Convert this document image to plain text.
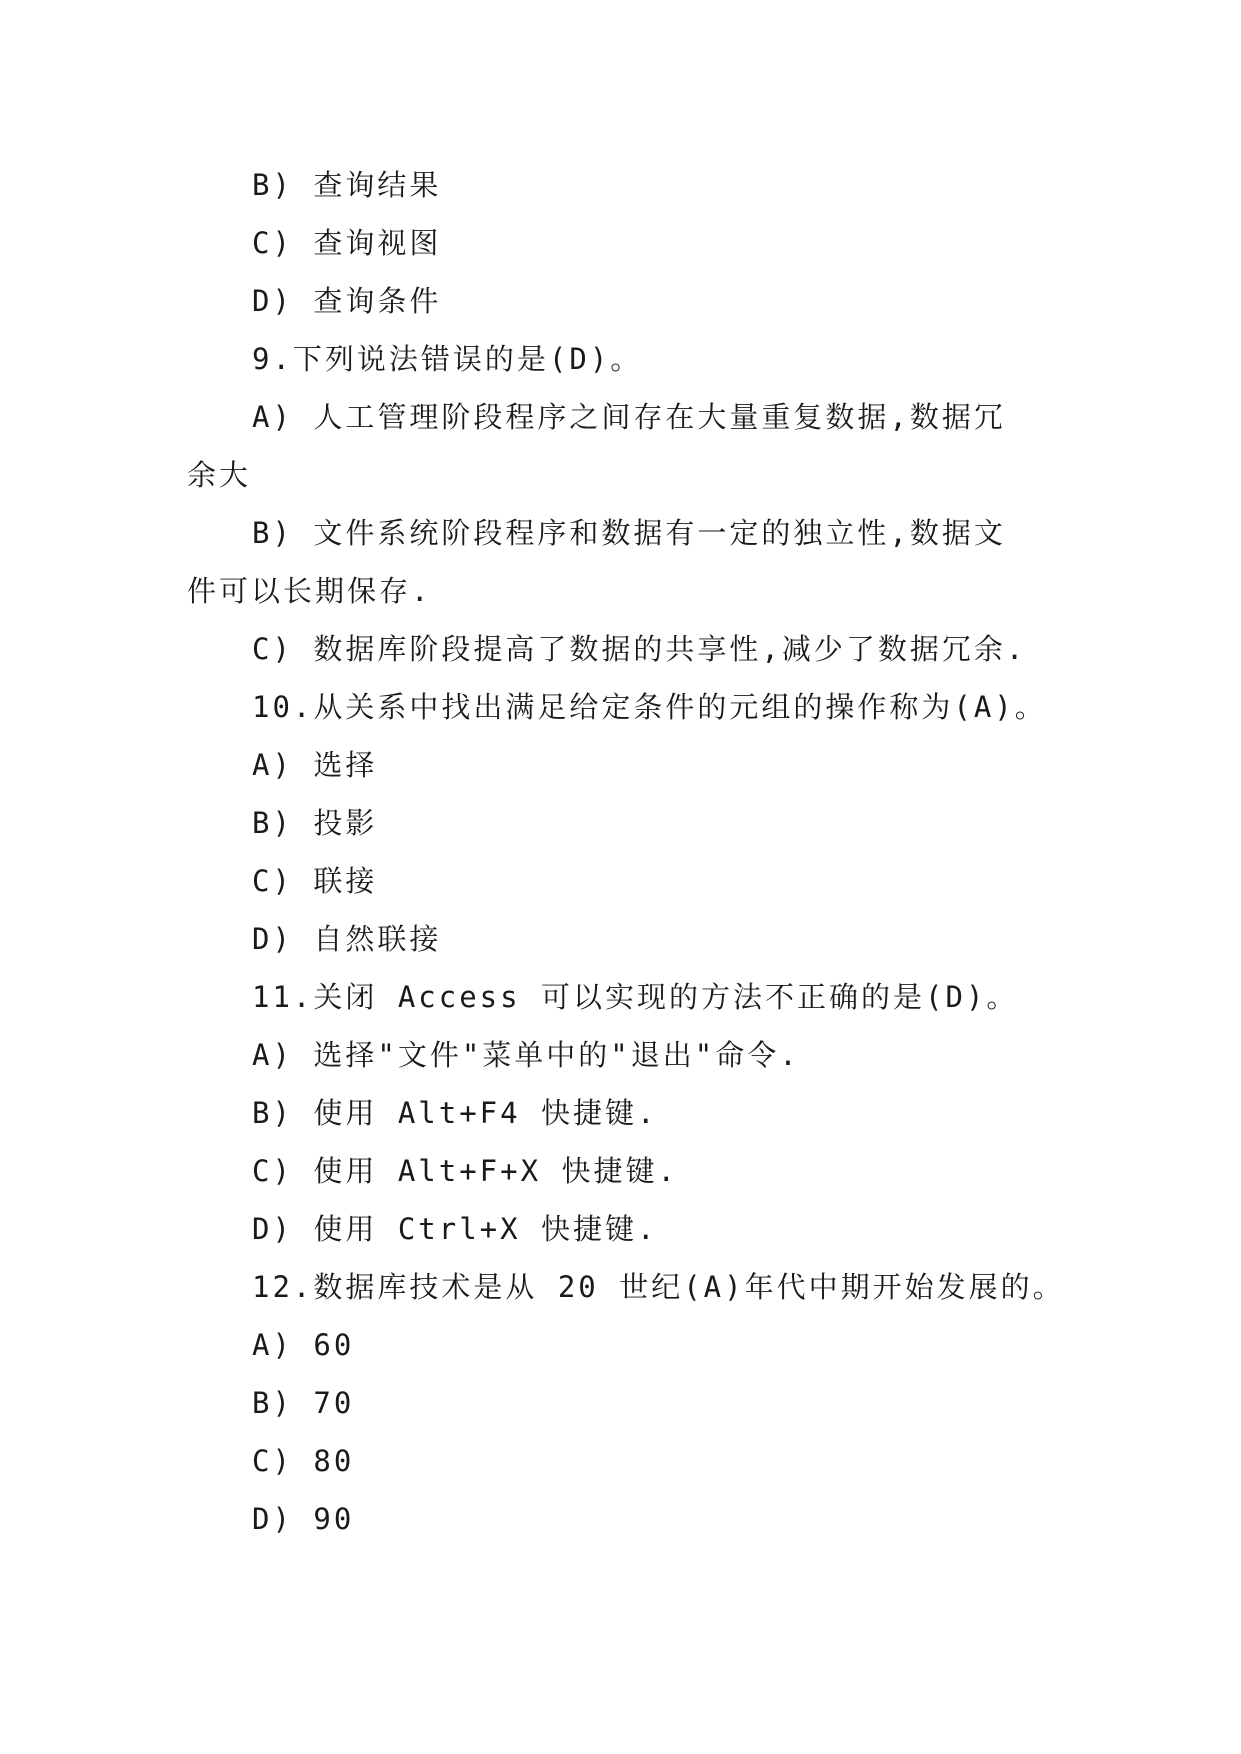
B) 查询结果
C) 查询视图
D) 查询条件
9.下列说法错误的是(D)。
A) 人工管理阶段程序之间存在大量重复数据,数据冗
余大
B) 文件系统阶段程序和数据有一定的独立性,数据文
件可以长期保存.
C) 数据库阶段提高了数据的共享性,减少了数据冗余.
10.从关系中找出满足给定条件的元组的操作称为(A)。
A) 选择
B) 投影
C) 联接
D) 自然联接
11.关闭 Access 可以实现的方法不正确的是(D)。
A) 选择"文件"菜单中的"退出"命令.
B) 使用 Alt+F4 快捷键.
C) 使用 Alt+F+X 快捷键.
D) 使用 Ctrl+X 快捷键.
12.数据库技术是从 20 世纪(A)年代中期开始发展的。
A) 60
B) 70
C) 80
D) 90
